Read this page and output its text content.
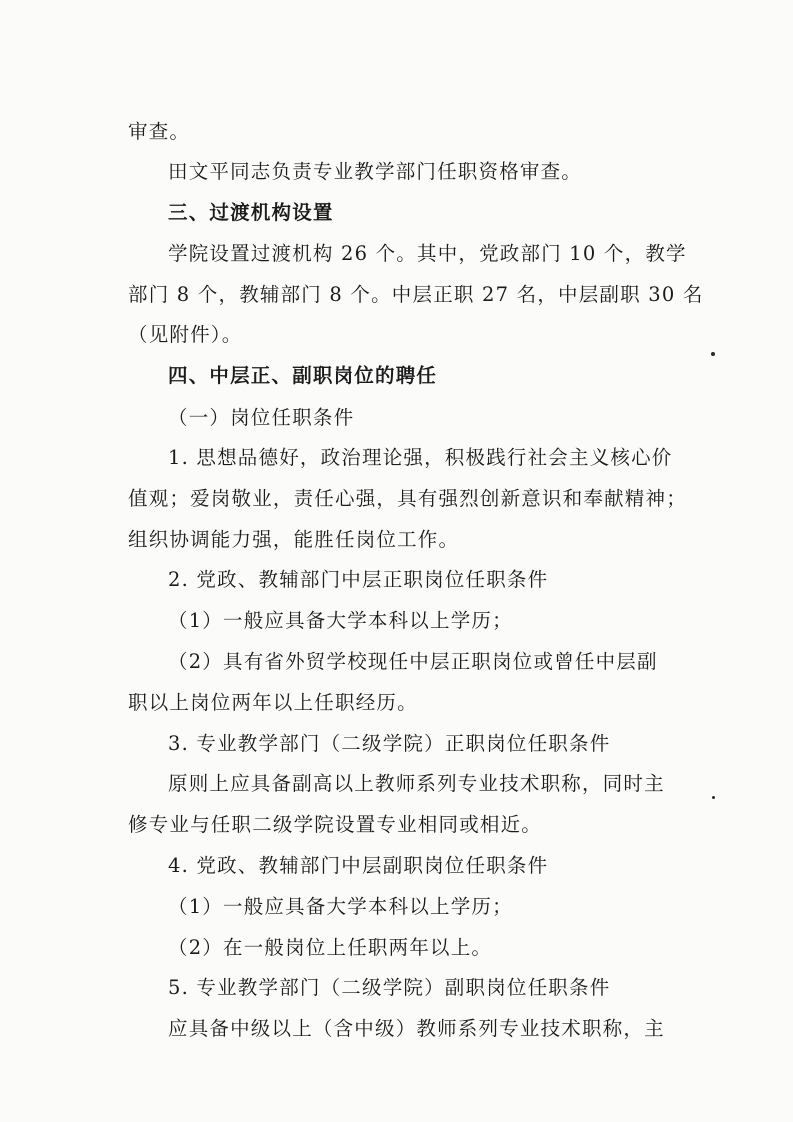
审查。
田文平同志负责专业教学部门任职资格审查。
三、过渡机构设置
学院设置过渡机构 26 个。其中，党政部门 10 个，教学
部门 8 个，教辅部门 8 个。中层正职 27 名，中层副职 30 名
（见附件）。
四、中层正、副职岗位的聘任
（一）岗位任职条件
1. 思想品德好，政治理论强，积极践行社会主义核心价
值观；爱岗敬业，责任心强，具有强烈创新意识和奉献精神；
组织协调能力强，能胜任岗位工作。
2. 党政、教辅部门中层正职岗位任职条件
（1）一般应具备大学本科以上学历；
（2）具有省外贸学校现任中层正职岗位或曾任中层副
职以上岗位两年以上任职经历。
3. 专业教学部门（二级学院）正职岗位任职条件
原则上应具备副高以上教师系列专业技术职称，同时主
修专业与任职二级学院设置专业相同或相近。
4. 党政、教辅部门中层副职岗位任职条件
（1）一般应具备大学本科以上学历；
（2）在一般岗位上任职两年以上。
5. 专业教学部门（二级学院）副职岗位任职条件
应具备中级以上（含中级）教师系列专业技术职称，主
